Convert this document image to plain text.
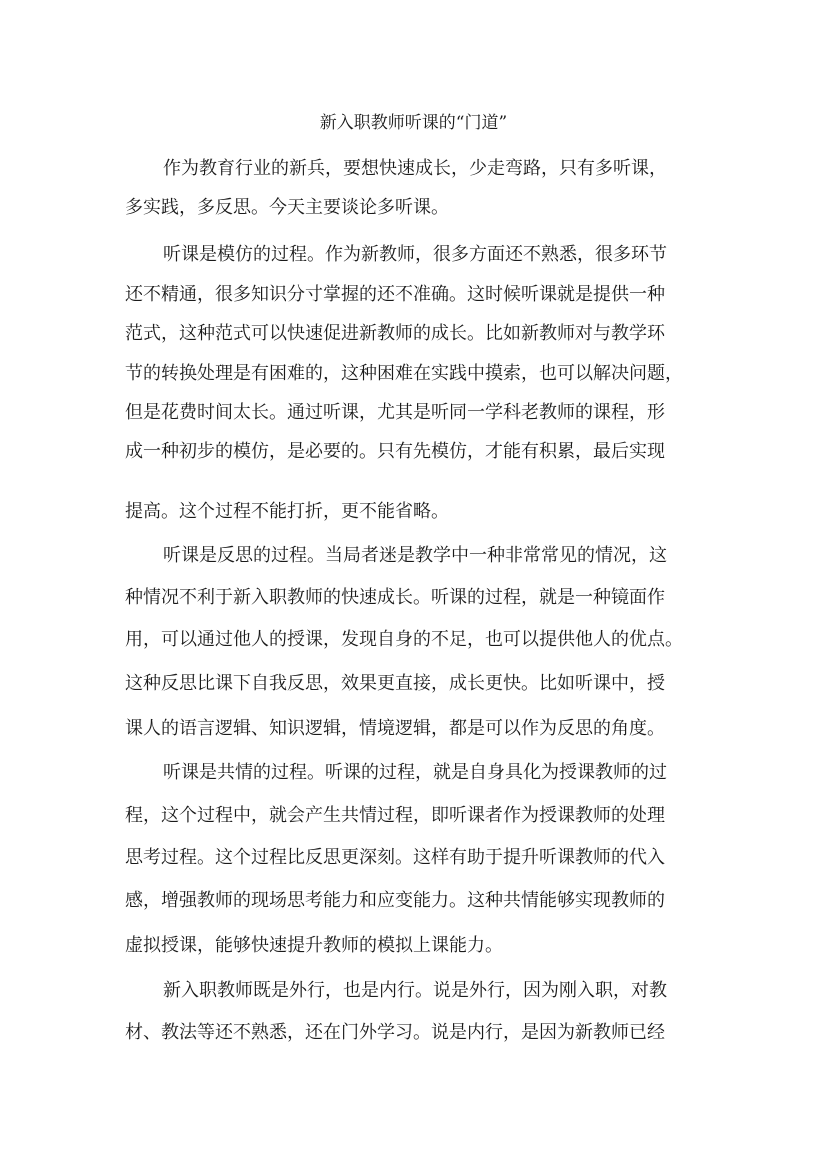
新入职教师听课的“门道”
作为教育行业的新兵，要想快速成长，少走弯路，只有多听课，
多实践，多反思。今天主要谈论多听课。
听课是模仿的过程。作为新教师，很多方面还不熟悉，很多环节
还不精通，很多知识分寸掌握的还不准确。这时候听课就是提供一种
范式，这种范式可以快速促进新教师的成长。比如新教师对与教学环
节的转换处理是有困难的，这种困难在实践中摸索，也可以解决问题，
但是花费时间太长。通过听课，尤其是听同一学科老教师的课程，形
成一种初步的模仿，是必要的。只有先模仿，才能有积累，最后实现
提高。这个过程不能打折，更不能省略。
听课是反思的过程。当局者迷是教学中一种非常常见的情况，这
种情况不利于新入职教师的快速成长。听课的过程，就是一种镜面作
用，可以通过他人的授课，发现自身的不足，也可以提供他人的优点。
这种反思比课下自我反思，效果更直接，成长更快。比如听课中，授
课人的语言逻辑、知识逻辑，情境逻辑，都是可以作为反思的角度。
听课是共情的过程。听课的过程，就是自身具化为授课教师的过
程，这个过程中，就会产生共情过程，即听课者作为授课教师的处理
思考过程。这个过程比反思更深刻。这样有助于提升听课教师的代入
感，增强教师的现场思考能力和应变能力。这种共情能够实现教师的
虚拟授课，能够快速提升教师的模拟上课能力。
新入职教师既是外行，也是内行。说是外行，因为刚入职，对教
材、教法等还不熟悉，还在门外学习。说是内行，是因为新教师已经
